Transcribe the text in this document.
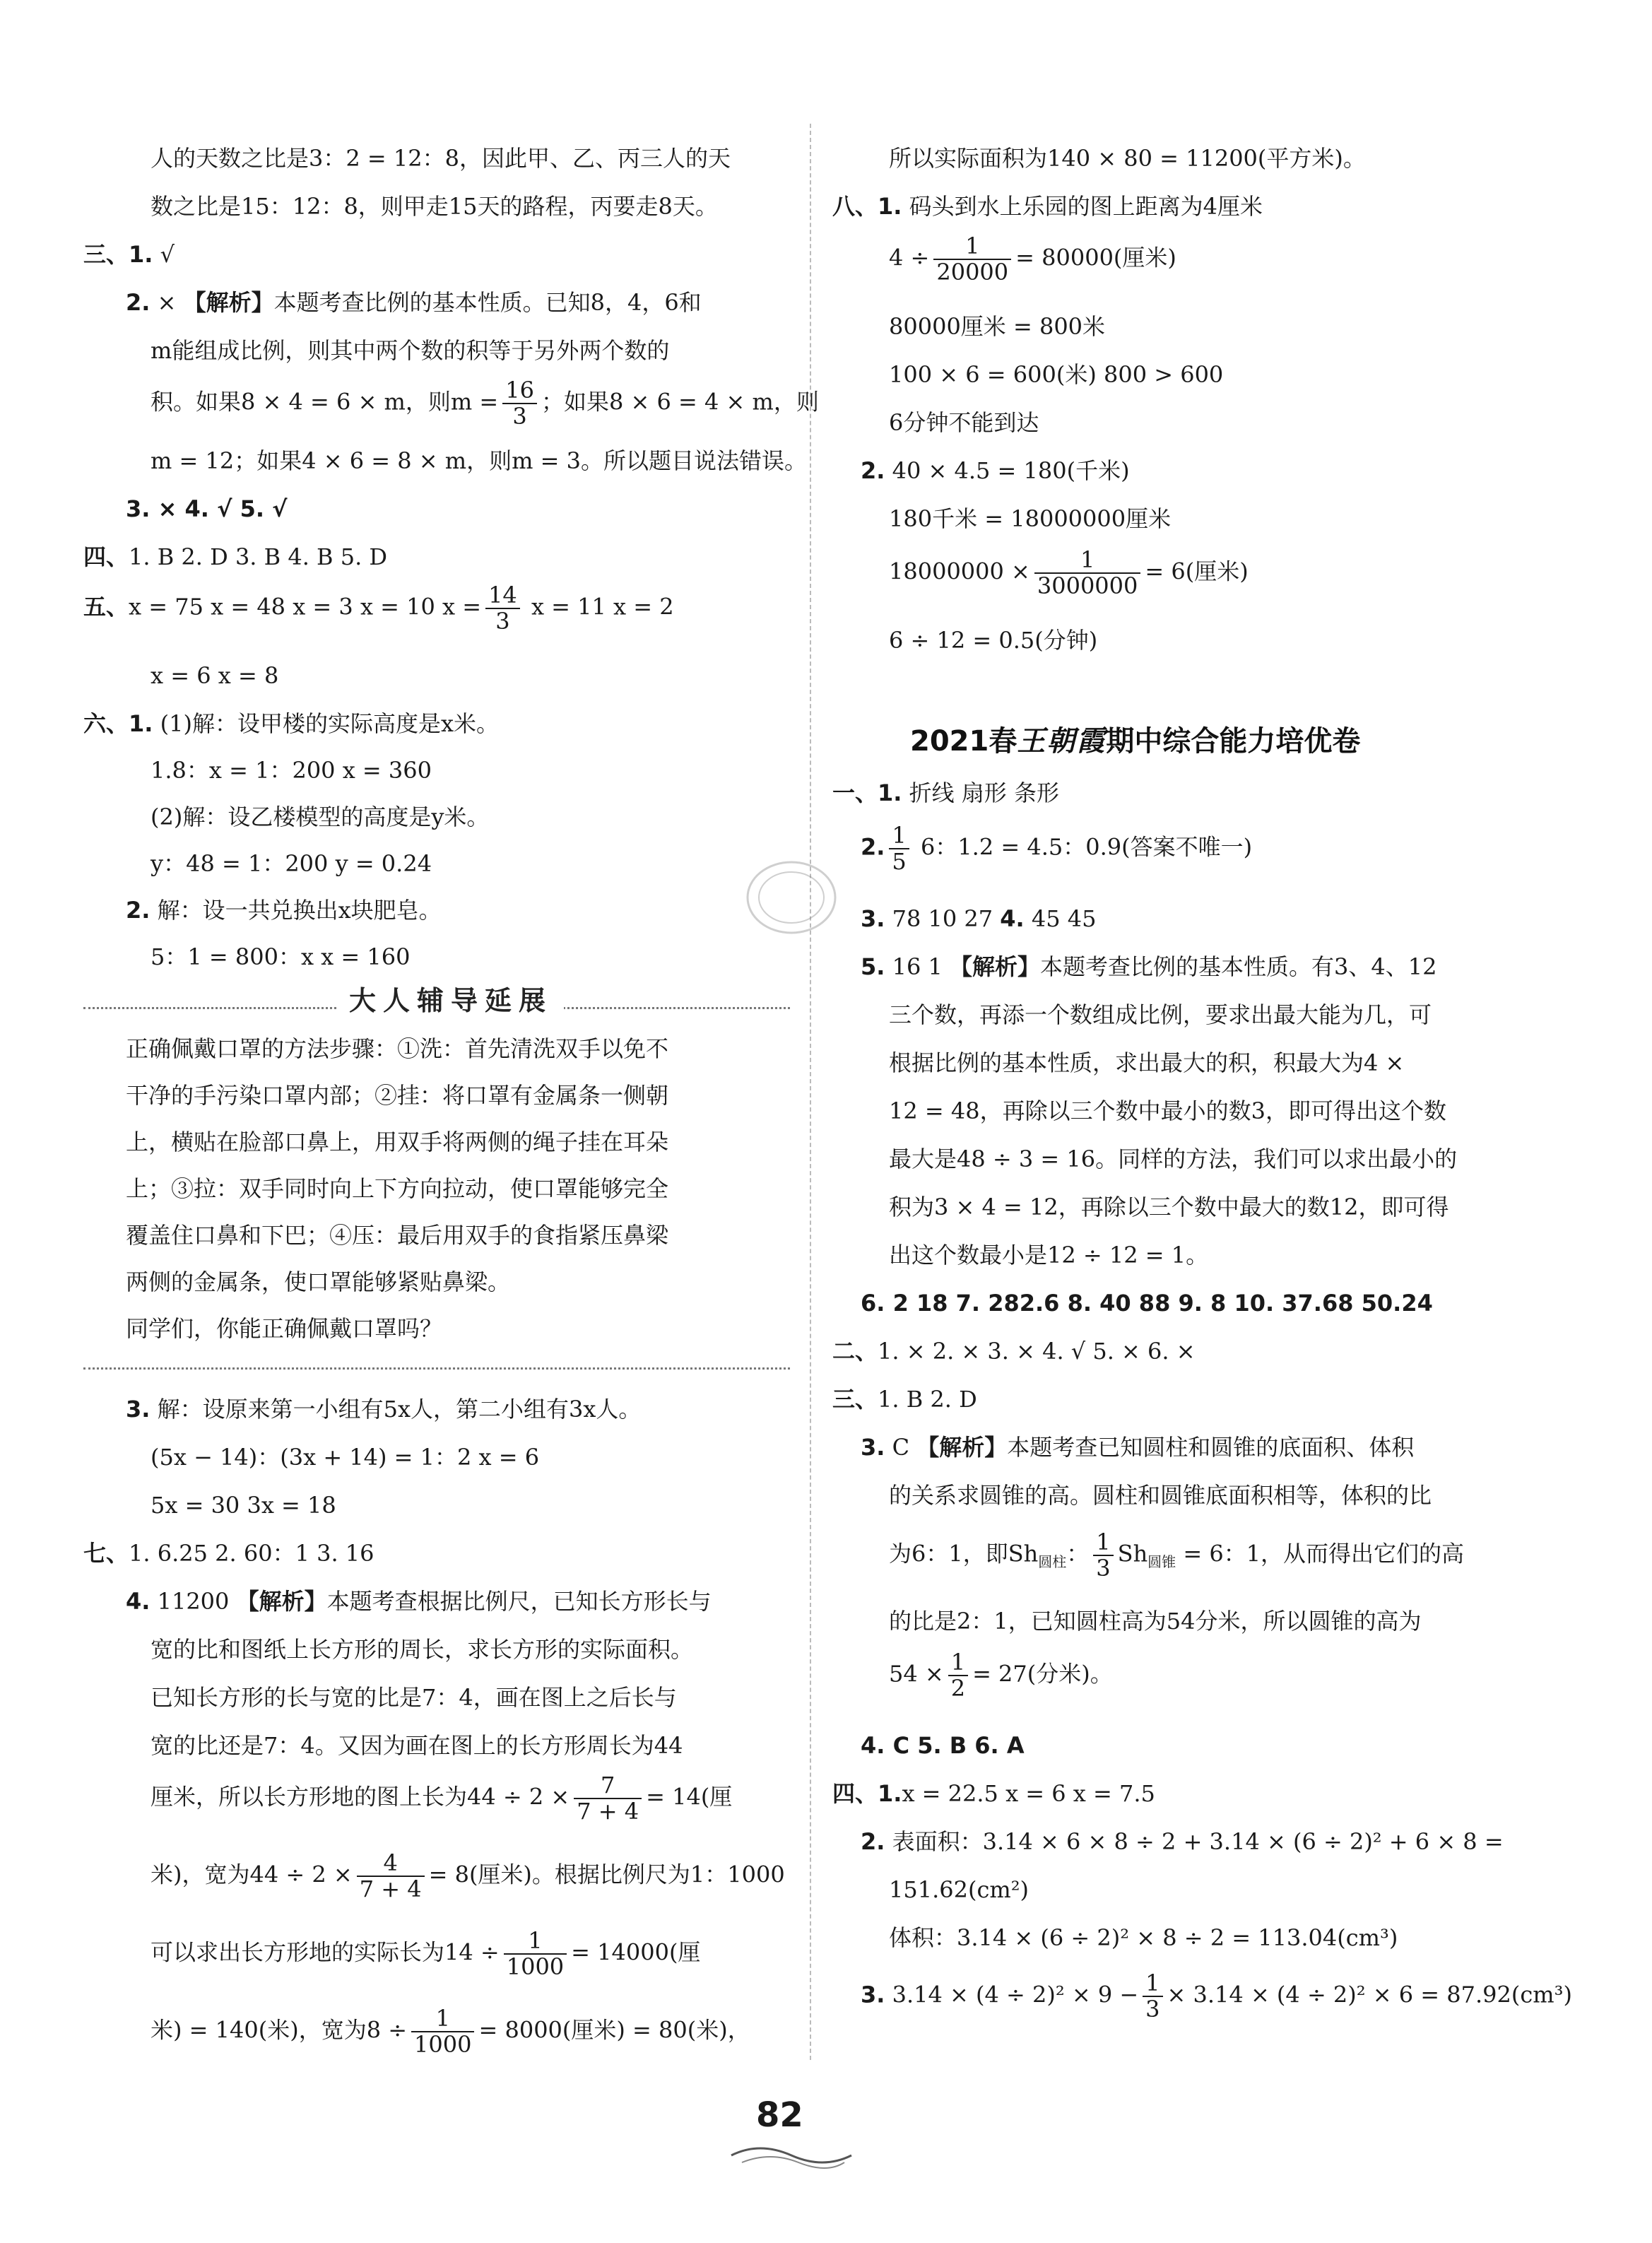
人的天数之比是3：2 = 12：8，因此甲、乙、丙三人的天
数之比是15：12：8，则甲走15天的路程，丙要走8天。
三、1. √
2. × 【解析】本题考查比例的基本性质。已知8，4，6和
m能组成比例，则其中两个数的积等于另外两个数的
积。如果8 × 4 = 6 × m，则$m = \frac{16}{3}$ ；如果8 × 6 = 4 × m，则
m = 12；如果4 × 6 = 8 × m，则m = 3。所以题目说法错误。
3. × 4. √ 5. √
四、1. B 2. D 3. B 4. B 5. D
五、x = 75 x = 48 x = 3 x = 10 $x = \frac{14}{3}$ x = 11 x = 2
x = 6 x = 8
六、1. (1)解：设甲楼的实际高度是x米。
1.8：x = 1：200 x = 360
(2)解：设乙楼模型的高度是y米。
y：48 = 1：200 y = 0.24
2. 解：设一共兑换出x块肥皂。
5：1 = 800：x x = 160
大人辅导延展
正确佩戴口罩的方法步骤：①洗：首先清洗双手以免不
干净的手污染口罩内部；②挂：将口罩有金属条一侧朝
上，横贴在脸部口鼻上，用双手将两侧的绳子挂在耳朵
上；③拉：双手同时向上下方向拉动，使口罩能够完全
覆盖住口鼻和下巴；④压：最后用双手的食指紧压鼻梁
两侧的金属条，使口罩能够紧贴鼻梁。
同学们，你能正确佩戴口罩吗？
3. 解：设原来第一小组有5x人，第二小组有3x人。
(5x − 14)：(3x + 14) = 1：2 x = 6
5x = 30 3x = 18
七、1. 6.25 2. 60：1 3. 16
4. 11200 【解析】本题考查根据比例尺，已知长方形长与
宽的比和图纸上长方形的周长，求长方形的实际面积。
已知长方形的长与宽的比是7：4，画在图上之后长与
宽的比还是7：4。又因为画在图上的长方形周长为44
厘米，所以长方形地的图上长为$44 \div 2 \times \frac{7}{7 + 4} = 14$(厘
米)，宽为$44 \div 2 \times \frac{4}{7 + 4} = 8$(厘米)。根据比例尺为1：1000
可以求出长方形地的实际长为$14 \div \frac{1}{1000} = 14000$(厘
米) = 140(米)，宽为$8 \div \frac{1}{1000} = 8000$(厘米) = 80(米)，
所以实际面积为140 × 80 = 11200(平方米)。
八、1. 码头到水上乐园的图上距离为4厘米
$4 \div \frac{1}{20000} = 80000$(厘米)
80000厘米 = 800米
100 × 6 = 600(米) 800 > 600
6分钟不能到达
2. 40 × 4.5 = 180(千米)
180千米 = 18000000厘米
$18000000 \times \frac{1}{3000000} = 6$(厘米)
6 ÷ 12 = 0.5(分钟)
2021春王朝霞期中综合能力培优卷
一、1. 折线 扇形 条形
2. $\frac{1}{5} 6$：1.2 = 4.5：0.9(答案不唯一)
3. 78 10 27 4. 45 45
5. 16 1 【解析】本题考查比例的基本性质。有3、4、12
三个数，再添一个数组成比例，要求出最大能为几，可
根据比例的基本性质，求出最大的积，积最大为4 ×
12 = 48，再除以三个数中最小的数3，即可得出这个数
最大是48 ÷ 3 = 16。同样的方法，我们可以求出最小的
积为3 × 4 = 12，再除以三个数中最大的数12，即可得
出这个数最小是12 ÷ 12 = 1。
6. 2 18 7. 282.6 8. 40 88 9. 8 10. 37.68 50.24
二、1. × 2. × 3. × 4. √ 5. × 6. ×
三、1. B 2. D
3. C 【解析】本题考查已知圆柱和圆锥的底面积、体积
的关系求圆锥的高。圆柱和圆锥底面积相等，体积的比
为6：1，即$Sh_{圆柱}$： $\frac{1}{3} Sh_{圆锥} = 6$：1，从而得出它们的高
的比是2：1，已知圆柱高为54分米，所以圆锥的高为
$54 \times \frac{1}{2} = 27$(分米)。
4. C 5. B 6. A
四、1.x = 22.5 x = 6 x = 7.5
2. 表面积：3.14 × 6 × 8 ÷ 2 + 3.14 × (6 ÷ 2)² + 6 × 8 =
151.62(cm²)
体积：3.14 × (6 ÷ 2)² × 8 ÷ 2 = 113.04(cm³)
3. $3.14 \times (4 \div 2)^2 \times 9 - \frac{1}{3} \times 3.14 \times (4 \div 2)^2 \times 6 = 87.92(cm^3)$
82
